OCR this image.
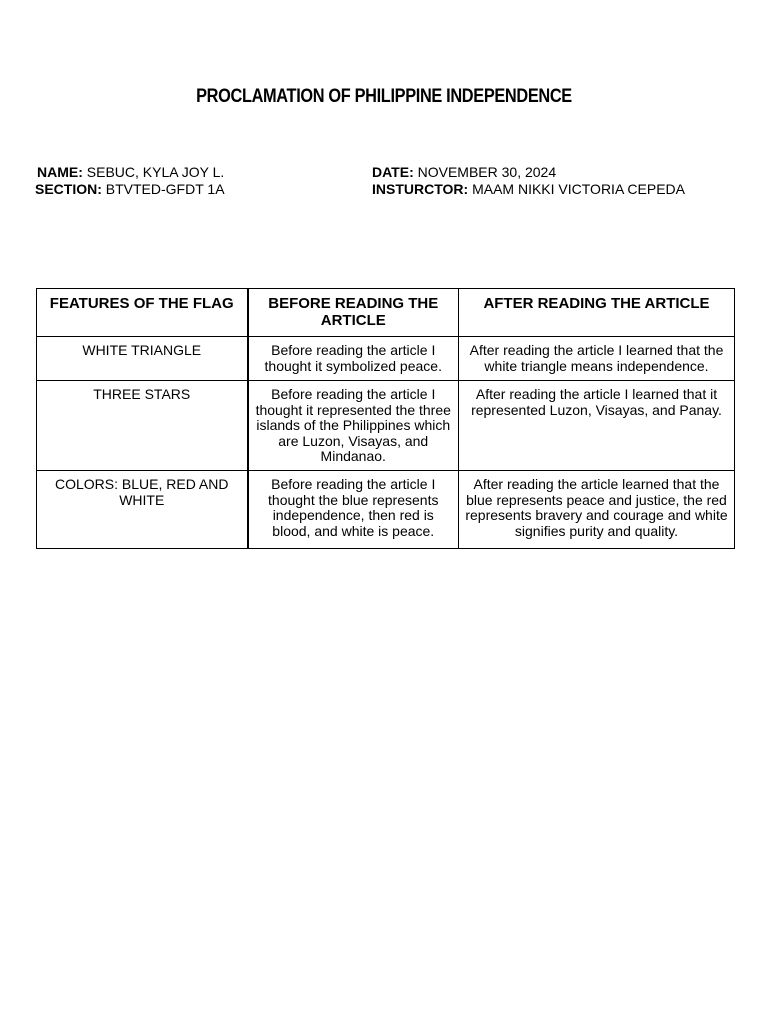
PROCLAMATION OF PHILIPPINE INDEPENDENCE
NAME: SEBUC, KYLA JOY L.
SECTION: BTVTED-GFDT 1A
DATE: NOVEMBER 30, 2024
INSTURCTOR: MAAM NIKKI VICTORIA CEPEDA
FEATURES OF THE FLAG	BEFORE READING THE ARTICLE	AFTER READING THE ARTICLE
WHITE TRIANGLE	Before reading the article I thought it symbolized peace.	After reading the article I learned that the white triangle means independence.
THREE STARS	Before reading the article I thought it represented the three islands of the Philippines which are Luzon, Visayas, and Mindanao.	After reading the article I learned that it represented Luzon, Visayas, and Panay.
COLORS: BLUE, RED AND WHITE	Before reading the article I thought the blue represents independence, then red is blood, and white is peace.	After reading the article learned that the blue represents peace and justice, the red represents bravery and courage and white signifies purity and quality.
